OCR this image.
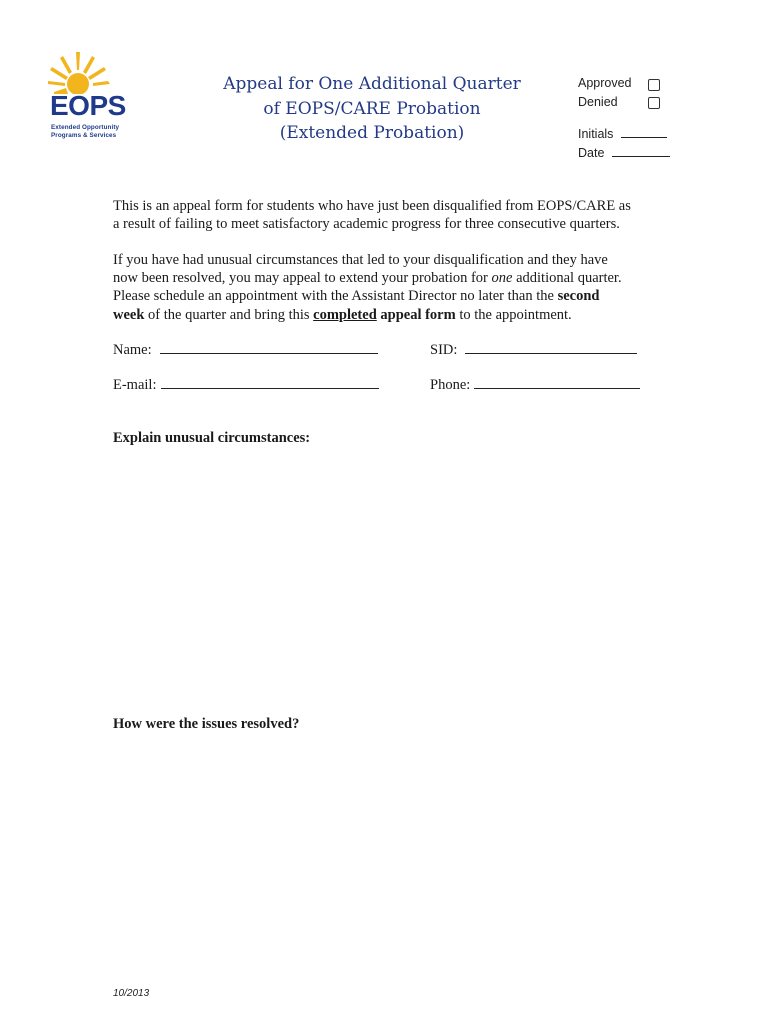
EOPS
Extended Opportunity
Programs & Services
Appeal for One Additional Quarter
of EOPS/CARE Probation
(Extended Probation)
Approved
Denied
Initials
Date
This is an appeal form for students who have just been disqualified from EOPS/CARE as
a result of failing to meet satisfactory academic progress for three consecutive quarters.
If you have had unusual circumstances that led to your disqualification and they have
now been resolved, you may appeal to extend your probation for one additional quarter.
Please schedule an appointment with the Assistant Director no later than the second
week of the quarter and bring this completed appeal form to the appointment.
Name:	SID:
E-mail:	Phone:
Explain unusual circumstances:
How were the issues resolved?
10/2013
